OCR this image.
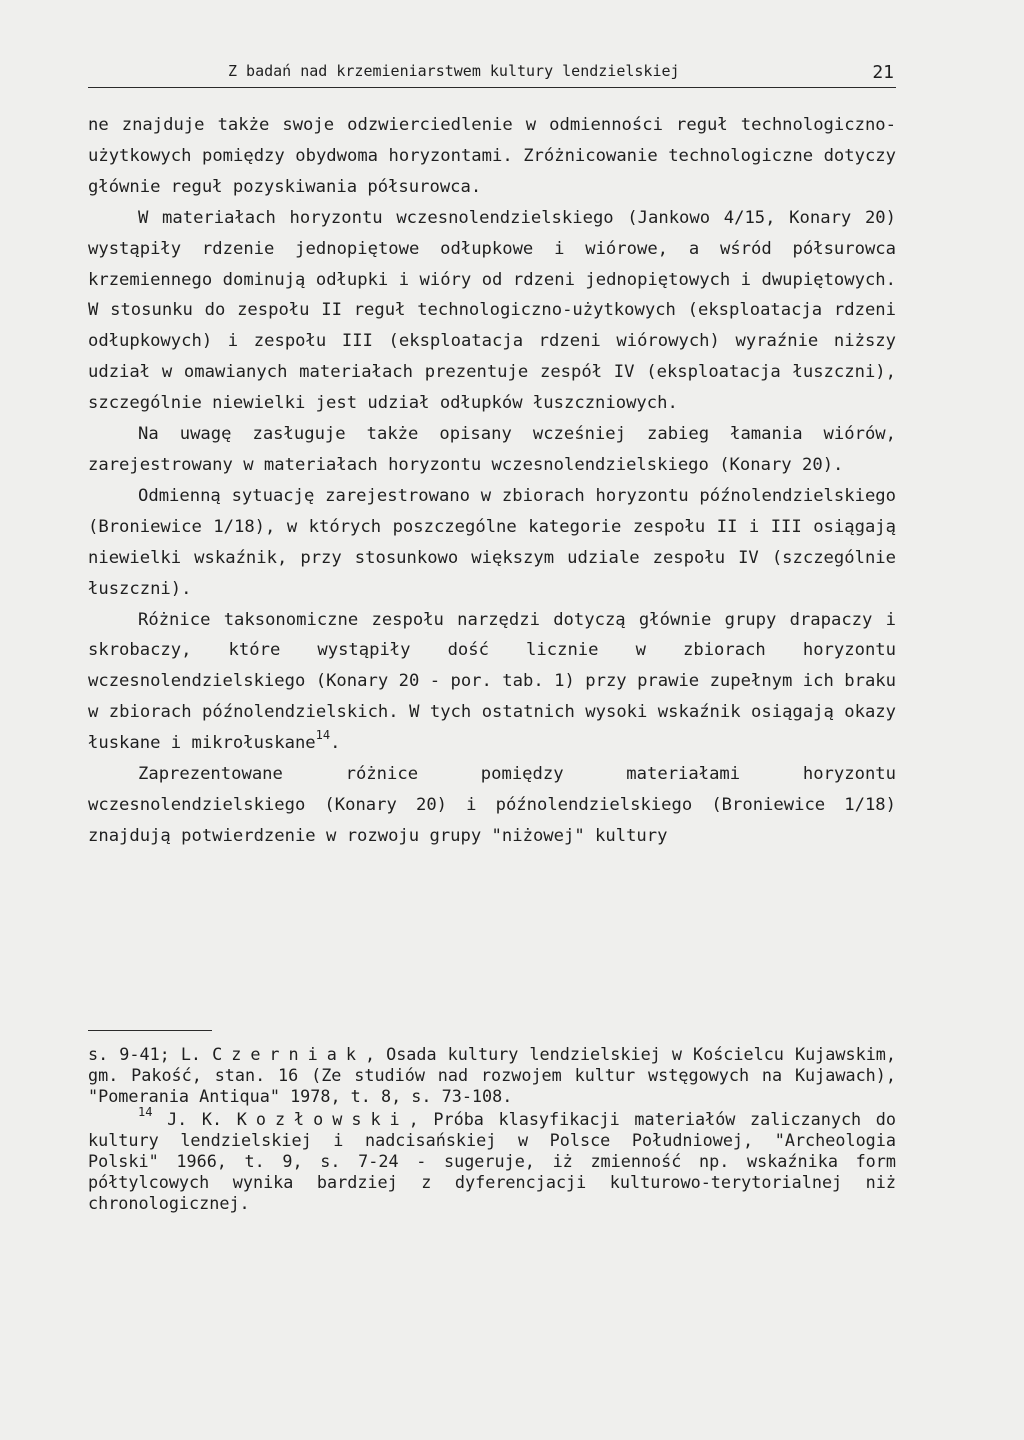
Z badań nad krzemieniarstwem kultury lendzielskiej	21

ne znajduje także swoje odzwierciedlenie w odmienności reguł technologiczno-użytkowych pomiędzy obydwoma horyzontami. Zróżnicowanie technologiczne dotyczy głównie reguł pozyskiwania półsurowca.

W materiałach horyzontu wczesnolendzielskiego (Jankowo 4/15, Konary 20) wystąpiły rdzenie jednopiętowe odłupkowe i wiórowe, a wśród półsurowca krzemiennego dominują odłupki i wióry od rdzeni jednopiętowych i dwupiętowych. W stosunku do zespołu II reguł technologiczno-użytkowych (eksploatacja rdzeni odłupkowych) i zespołu III (eksploatacja rdzeni wiórowych) wyraźnie niższy udział w omawianych materiałach prezentuje zespół IV (eksploatacja łuszczni), szczególnie niewielki jest udział odłupków łuszczniowych.

Na uwagę zasługuje także opisany wcześniej zabieg łamania wiórów, zarejestrowany w materiałach horyzontu wczesnolendzielskiego (Konary 20).

Odmienną sytuację zarejestrowano w zbiorach horyzontu późnolendzielskiego (Broniewice 1/18), w których poszczególne kategorie zespołu II i III osiągają niewielki wskaźnik, przy stosunkowo większym udziale zespołu IV (szczególnie łuszczni).

Różnice taksonomiczne zespołu narzędzi dotyczą głównie grupy drapaczy i skrobaczy, które wystąpiły dość licznie w zbiorach horyzontu wczesnolendzielskiego (Konary 20 - por. tab. 1) przy prawie zupełnym ich braku w zbiorach późnolendzielskich. W tych ostatnich wysoki wskaźnik osiągają okazy łuskane i mikrołuskane$^{14}$.

Zaprezentowane różnice pomiędzy materiałami horyzontu wczesnolendzielskiego (Konary 20) i późnolendzielskiego (Broniewice 1/18) znajdują potwierdzenie w rozwoju grupy "niżowej" kultury

s. 9-41; L. Czerniak, Osada kultury lendzielskiej w Kościelcu Kujawskim, gm. Pakość, stan. 16 (Ze studiów nad rozwojem kultur wstęgowych na Kujawach), "Pomerania Antiqua" 1978, t. 8, s. 73-108.

$^{14}$ J. K. Kozłowski, Próba klasyfikacji materiałów zaliczanych do kultury lendzielskiej i nadcisańskiej w Polsce Południowej, "Archeologia Polski" 1966, t. 9, s. 7-24 - sugeruje, iż zmienność np. wskaźnika form półtylcowych wynika bardziej z dyferencjacji kulturowo-terytorialnej niż chronologicznej.
